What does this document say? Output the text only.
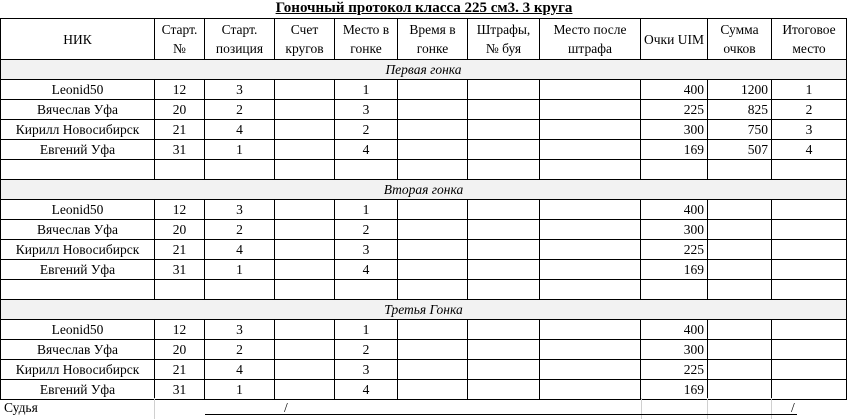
Гоночный протокол класса 225 см3. 3 круга
НИК	Старт. №	Старт. позиция	Счет кругов	Место в гонке	Время в гонке	Штрафы, № буя	Место после штрафа	Очки UIM	Сумма очков	Итоговое место
Первая гонка										
Leonid50	12	3		1				400	1200	1
Вячеслав Уфа	20	2		3				225	825	2
Кирилл Новосибирск	21	4		2				300	750	3
Евгений Уфа	31	1		4				169	507	4

Вторая гонка										
Leonid50	12	3		1				400		
Вячеслав Уфа	20	2		2				300		
Кирилл Новосибирск	21	4		3				225		
Евгений Уфа	31	1		4				169		

Третья Гонка										
Leonid50	12	3		1				400		
Вячеслав Уфа	20	2		2				300		
Кирилл Новосибирск	21	4		3				225		
Евгений Уфа	31	1		4				169		
Судья	/	/
